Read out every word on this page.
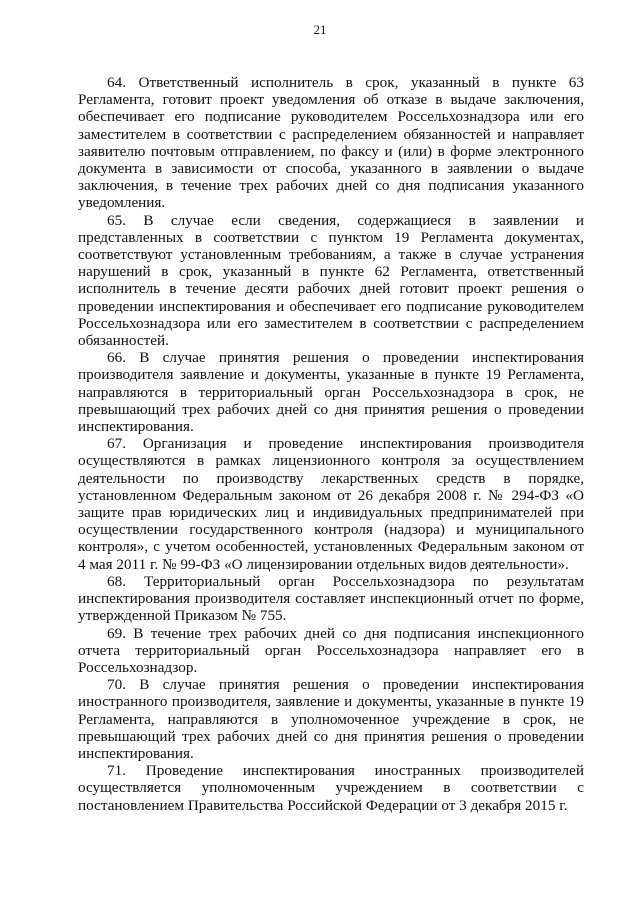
21

64. Ответственный исполнитель в срок, указанный в пункте 63 Регламента, готовит проект уведомления об отказе в выдаче заключения, обеспечивает его подписание руководителем Россельхознадзора или его заместителем в соответствии с распределением обязанностей и направляет заявителю почтовым отправлением, по факсу и (или) в форме электронного документа в зависимости от способа, указанного в заявлении о выдаче заключения, в течение трех рабочих дней со дня подписания указанного уведомления.

65. В случае если сведения, содержащиеся в заявлении и представленных в соответствии с пунктом 19 Регламента документах, соответствуют установленным требованиям, а также в случае устранения нарушений в срок, указанный в пункте 62 Регламента, ответственный исполнитель в течение десяти рабочих дней готовит проект решения о проведении инспектирования и обеспечивает его подписание руководителем Россельхознадзора или его заместителем в соответствии с распределением обязанностей.

66. В случае принятия решения о проведении инспектирования производителя заявление и документы, указанные в пункте 19 Регламента, направляются в территориальный орган Россельхознадзора в срок, не превышающий трех рабочих дней со дня принятия решения о проведении инспектирования.

67. Организация и проведение инспектирования производителя осуществляются в рамках лицензионного контроля за осуществлением деятельности по производству лекарственных средств в порядке, установленном Федеральным законом от 26 декабря 2008 г. № 294-ФЗ «О защите прав юридических лиц и индивидуальных предпринимателей при осуществлении государственного контроля (надзора) и муниципального контроля», с учетом особенностей, установленных Федеральным законом от 4 мая 2011 г. № 99-ФЗ «О лицензировании отдельных видов деятельности».

68. Территориальный орган Россельхознадзора по результатам инспектирования производителя составляет инспекционный отчет по форме, утвержденной Приказом № 755.

69. В течение трех рабочих дней со дня подписания инспекционного отчета территориальный орган Россельхознадзора направляет его в Россельхознадзор.

70. В случае принятия решения о проведении инспектирования иностранного производителя, заявление и документы, указанные в пункте 19 Регламента, направляются в уполномоченное учреждение в срок, не превышающий трех рабочих дней со дня принятия решения о проведении инспектирования.

71. Проведение инспектирования иностранных производителей осуществляется уполномоченным учреждением в соответствии с постановлением Правительства Российской Федерации от 3 декабря 2015 г.
